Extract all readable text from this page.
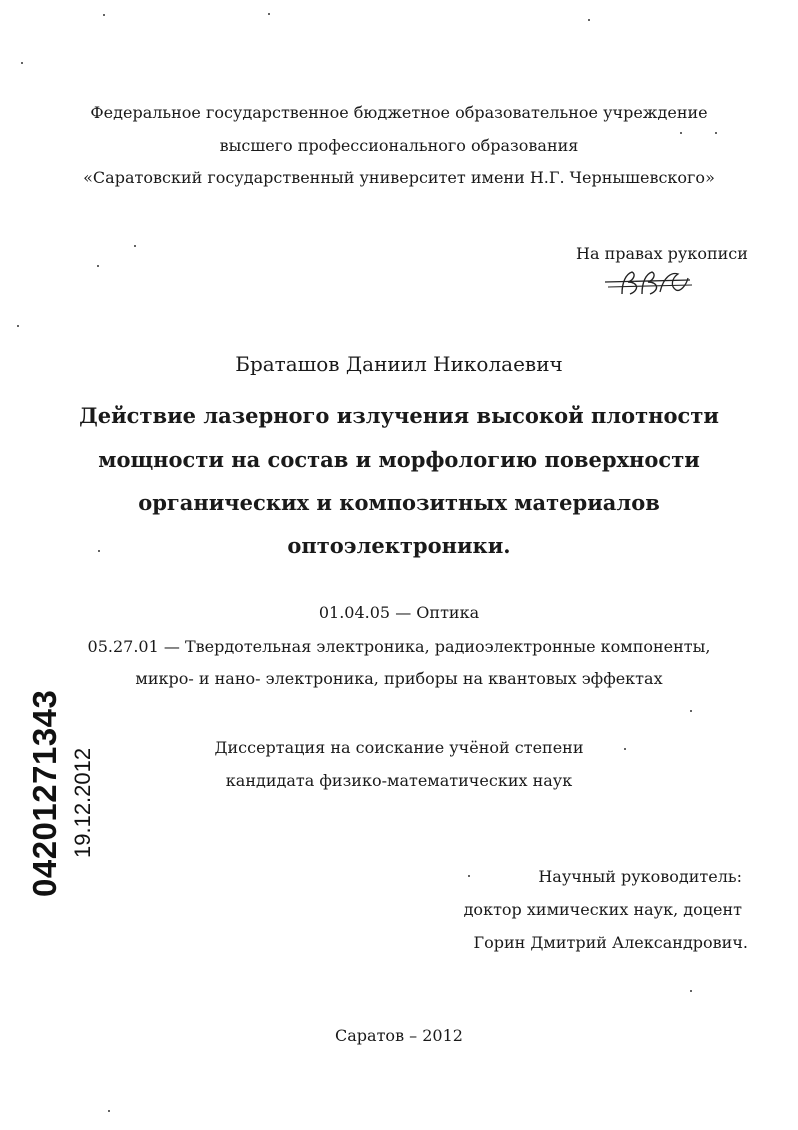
Федеральное государственное бюджетное образовательное учреждение
высшего профессионального образования
«Саратовский государственный университет имени Н.Г. Чернышевского»
На правах рукописи
Браташов Даниил Николаевич
Действие лазерного излучения высокой плотности
мощности на состав и морфологию поверхности
органических и композитных материалов
оптоэлектроники.
01.04.05 — Оптика
05.27.01 — Твердотельная электроника, радиоэлектронные компоненты,
микро- и нано- электроника, приборы на квантовых эффектах
Диссертация на соискание учёной степени
кандидата физико-математических наук
Научный руководитель:
доктор химических наук, доцент
Горин Дмитрий Александрович.
Саратов – 2012
04201271343 19.12.2012
